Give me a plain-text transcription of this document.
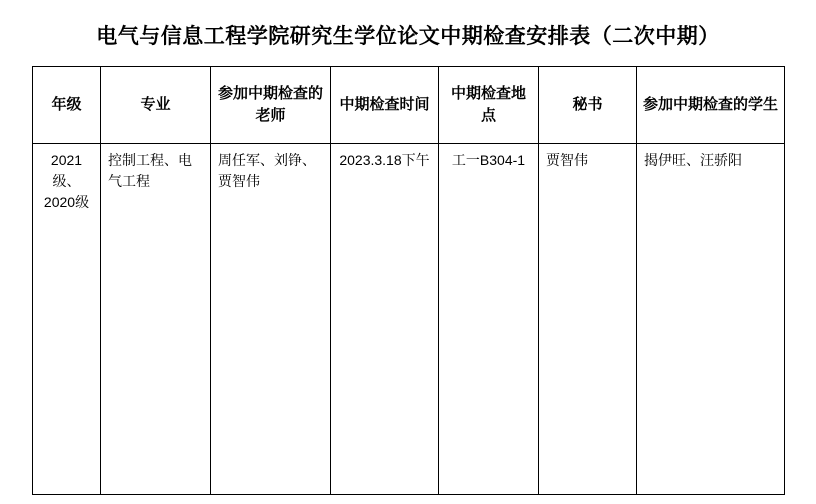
电气与信息工程学院研究生学位论文中期检查安排表（二次中期）
年级	专业	参加中期检查的老师	中期检查时间	中期检查地点	秘书	参加中期检查的学生
2021级、2020级	控制工程、电气工程	周任军、刘铮、贾智伟	2023.3.18下午	工一B304-1	贾智伟	揭伊旺、汪骄阳
